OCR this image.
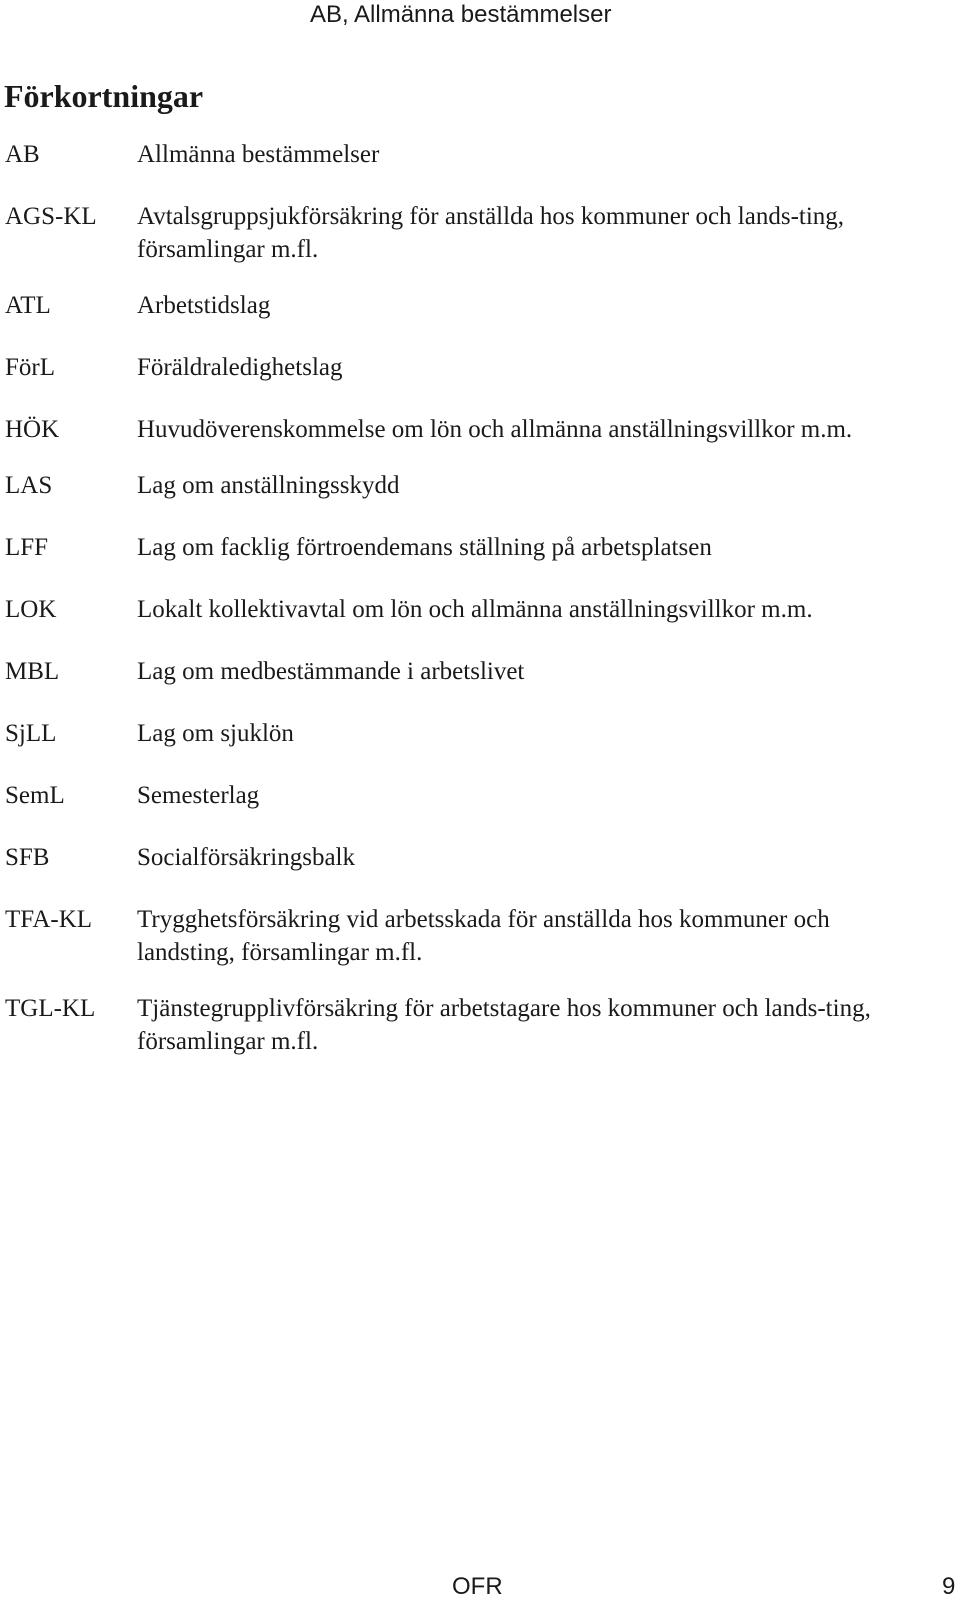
AB, Allmänna bestämmelser
Förkortningar
AB	Allmänna bestämmelser
AGS-KL Avtalsgruppsjukförsäkring för anställda hos kommuner och lands-ting, församlingar m.fl.
ATL	Arbetstidslag
FörL	Föräldraledighetslag
HÖK	Huvudöverenskommelse om lön och allmänna anställningsvillkor m.m.
LAS	Lag om anställningsskydd
LFF	Lag om facklig förtroendemans ställning på arbetsplatsen
LOK	Lokalt kollektivavtal om lön och allmänna anställningsvillkor m.m.
MBL	Lag om medbestämmande i arbetslivet
SjLL	Lag om sjuklön
SemL	Semesterlag
SFB	Socialförsäkringsbalk
TFA-KL Trygghetsförsäkring vid arbetsskada för anställda hos kommuner och landsting, församlingar m.fl.
TGL-KL Tjänstegrupplivförsäkring för arbetstagare hos kommuner och lands-ting, församlingar m.fl.
OFR	9
